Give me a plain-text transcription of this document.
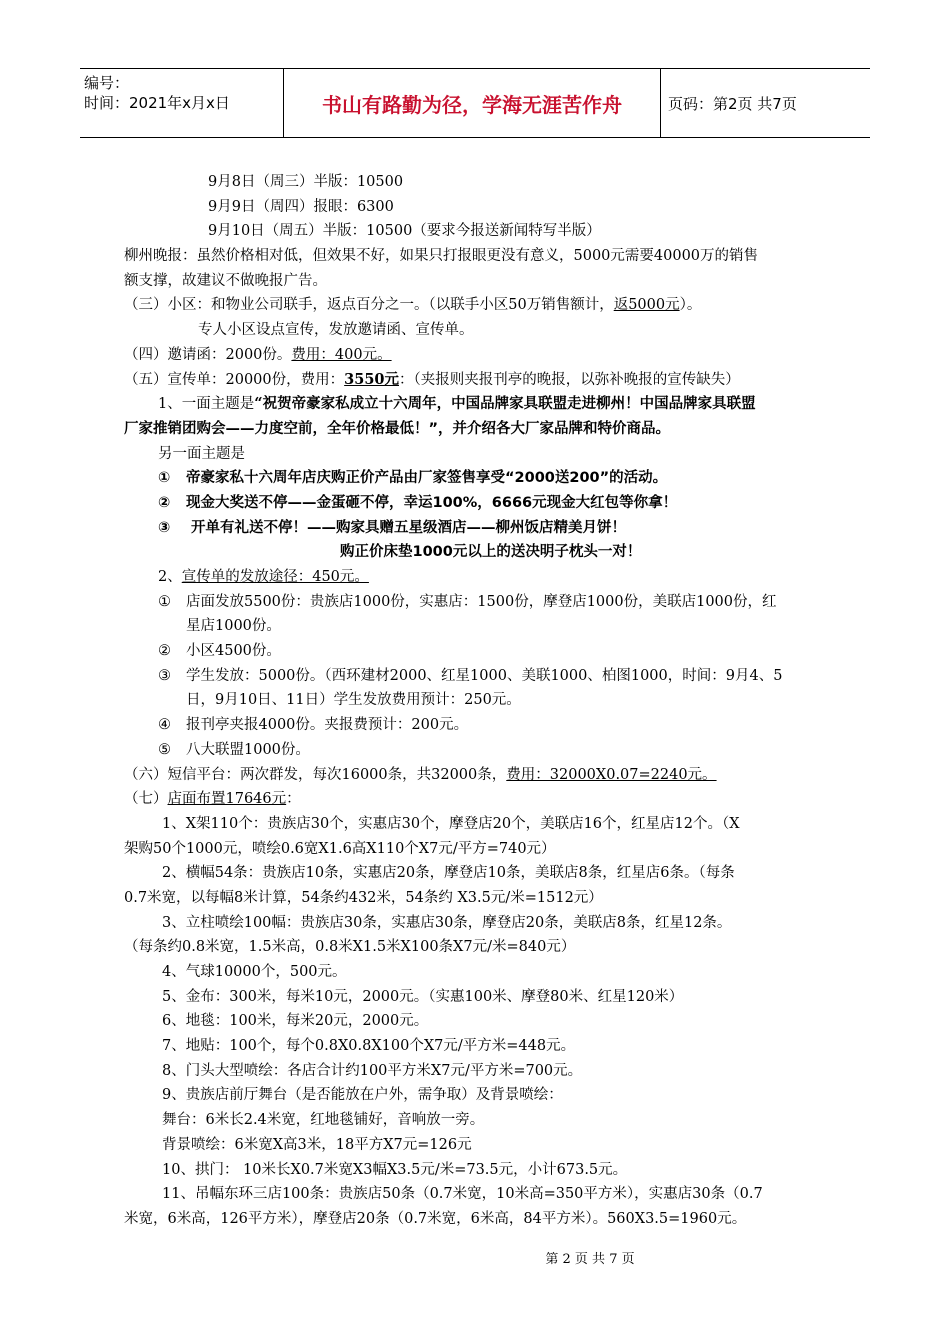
编号：
时间：2021年x月x日	书山有路勤为径，学海无涯苦作舟	页码：第2页 共7页
9月8日（周三）半版：10500
9月9日（周四）报眼：6300
9月10日（周五）半版：10500（要求今报送新闻特写半版）
柳州晚报：虽然价格相对低，但效果不好，如果只打报眼更没有意义，5000元需要40000万的销售
额支撑，故建议不做晚报广告。
（三）小区：和物业公司联手，返点百分之一。（以联手小区50万销售额计，返5000元）。
专人小区设点宣传，发放邀请函、宣传单。
（四）邀请函：2000份。费用：400元。
（五）宣传单：20000份，费用：3550元：（夹报则夹报刊亭的晚报，以弥补晚报的宣传缺失）
1、一面主题是“祝贺帝豪家私成立十六周年，中国品牌家具联盟走进柳州！中国品牌家具联盟
厂家推销团购会——力度空前，全年价格最低！”，并介绍各大厂家品牌和特价商品。
另一面主题是
① 帝豪家私十六周年店庆购正价产品由厂家签售享受“2000送200”的活动。
② 现金大奖送不停——金蛋砸不停，幸运100%，6666元现金大红包等你拿！
③ 开单有礼送不停！——购家具赠五星级酒店——柳州饭店精美月饼！
购正价床垫1000元以上的送决明子枕头一对！
2、宣传单的发放途径：450元。
① 店面发放5500份：贵族店1000份，实惠店：1500份，摩登店1000份，美联店1000份，红
星店1000份。
② 小区4500份。
③ 学生发放：5000份。（西环建材2000、红星1000、美联1000、柏图1000，时间：9月4、5
日，9月10日、11日）学生发放费用预计：250元。
④ 报刊亭夹报4000份。夹报费预计：200元。
⑤ 八大联盟1000份。
（六）短信平台：两次群发，每次16000条，共32000条，费用：32000X0.07=2240元。
（七）店面布置17646元：
1、X架110个：贵族店30个，实惠店30个，摩登店20个，美联店16个，红星店12个。（X
架购50个1000元，喷绘0.6宽X1.6高X110个X7元/平方=740元）
2、横幅54条：贵族店10条，实惠店20条，摩登店10条，美联店8条，红星店6条。（每条
0.7米宽，以每幅8米计算，54条约432米，54条约 X3.5元/米=1512元）
3、立柱喷绘100幅：贵族店30条，实惠店30条，摩登店20条，美联店8条，红星12条。
（每条约0.8米宽，1.5米高，0.8米X1.5米X100条X7元/米=840元）
4、气球10000个，500元。
5、金布：300米，每米10元，2000元。（实惠100米、摩登80米、红星120米）
6、地毯：100米，每米20元，2000元。
7、地贴：100个，每个0.8X0.8X100个X7元/平方米=448元。
8、门头大型喷绘：各店合计约100平方米X7元/平方米=700元。
9、贵族店前厅舞台（是否能放在户外，需争取）及背景喷绘：
舞台：6米长2.4米宽，红地毯铺好，音响放一旁。
背景喷绘：6米宽X高3米，18平方X7元=126元
10、拱门： 10米长X0.7米宽X3幅X3.5元/米=73.5元，小计673.5元。
11、吊幅东环三店100条：贵族店50条（0.7米宽，10米高=350平方米），实惠店30条（0.7
米宽，6米高，126平方米），摩登店20条（0.7米宽，6米高，84平方米）。560X3.5=1960元。
第 2 页 共 7 页
